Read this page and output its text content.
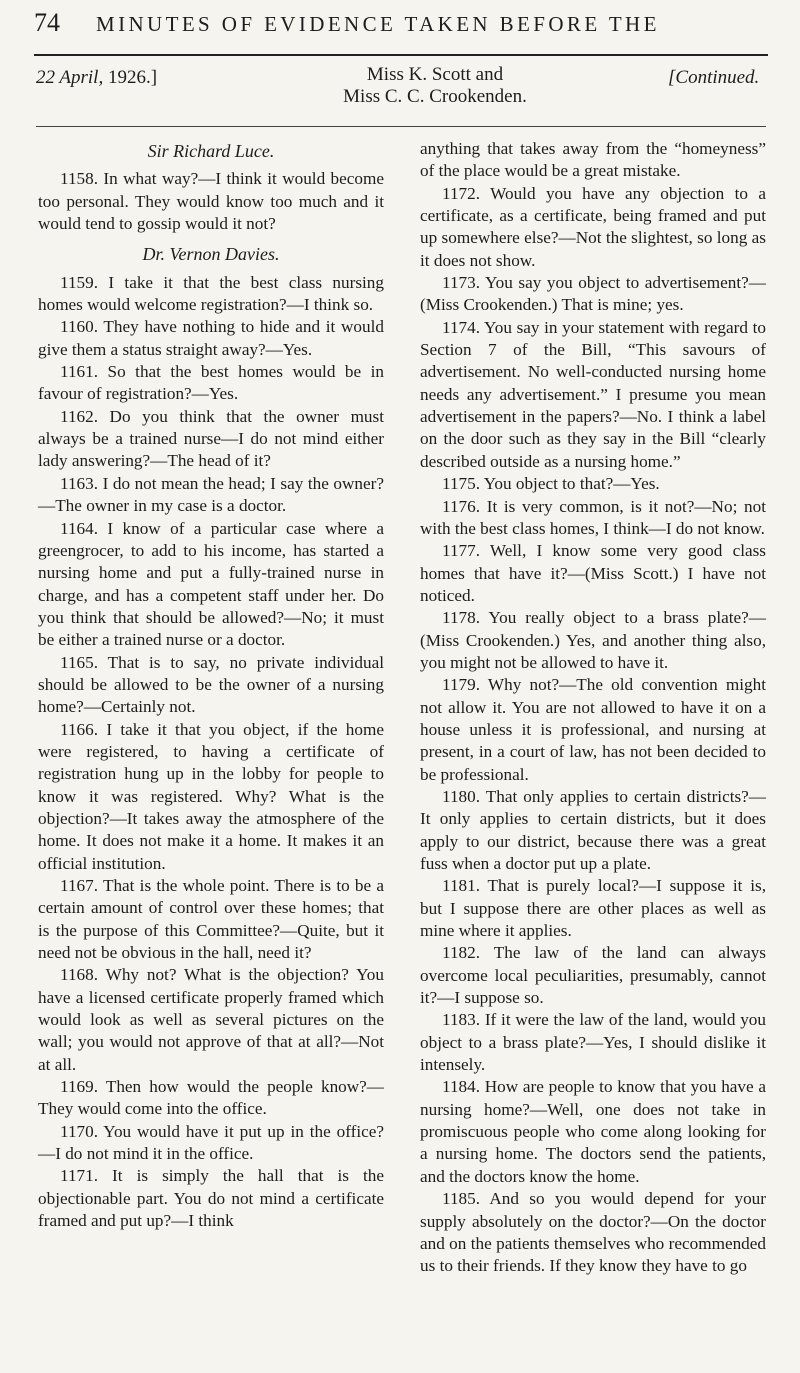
74 MINUTES OF EVIDENCE TAKEN BEFORE THE
22 April, 1926.]	Miss K. Scott and
Miss C. C. Crookenden.
[Continued.
Sir Richard Luce.

1158. In what way?—I think it would become too personal. They would know too much and it would tend to gossip would it not?

Dr. Vernon Davies.

1159. I take it that the best class nursing homes would welcome registration?—I think so.

1160. They have nothing to hide and it would give them a status straight away?—Yes.

1161. So that the best homes would be in favour of registration?—Yes.

1162. Do you think that the owner must always be a trained nurse—I do not mind either lady answering?—The head of it?

1163. I do not mean the head; I say the owner?—The owner in my case is a doctor.

1164. I know of a particular case where a greengrocer, to add to his income, has started a nursing home and put a fully-trained nurse in charge, and has a competent staff under her. Do you think that should be allowed?—No; it must be either a trained nurse or a doctor.

1165. That is to say, no private individual should be allowed to be the owner of a nursing home?—Certainly not.

1166. I take it that you object, if the home were registered, to having a certificate of registration hung up in the lobby for people to know it was registered. Why? What is the objection?—It takes away the atmosphere of the home. It does not make it a home. It makes it an official institution.

1167. That is the whole point. There is to be a certain amount of control over these homes; that is the purpose of this Committee?—Quite, but it need not be obvious in the hall, need it?

1168. Why not? What is the objection? You have a licensed certificate properly framed which would look as well as several pictures on the wall; you would not approve of that at all?—Not at all.

1169. Then how would the people know?—They would come into the office.

1170. You would have it put up in the office?—I do not mind it in the office.

1171. It is simply the hall that is the objectionable part. You do not mind a certificate framed and put up?—I think

anything that takes away from the “homeyness” of the place would be a great mistake.

1172. Would you have any objection to a certificate, as a certificate, being framed and put up somewhere else?—Not the slightest, so long as it does not show.

1173. You say you object to advertisement?—(Miss Crookenden.) That is mine; yes.

1174. You say in your statement with regard to Section 7 of the Bill, “This savours of advertisement. No well-conducted nursing home needs any advertisement.” I presume you mean advertisement in the papers?—No. I think a label on the door such as they say in the Bill “clearly described outside as a nursing home.”

1175. You object to that?—Yes.

1176. It is very common, is it not?—No; not with the best class homes, I think—I do not know.

1177. Well, I know some very good class homes that have it?—(Miss Scott.) I have not noticed.

1178. You really object to a brass plate?—(Miss Crookenden.) Yes, and another thing also, you might not be allowed to have it.

1179. Why not?—The old convention might not allow it. You are not allowed to have it on a house unless it is professional, and nursing at present, in a court of law, has not been decided to be professional.

1180. That only applies to certain districts?—It only applies to certain districts, but it does apply to our district, because there was a great fuss when a doctor put up a plate.

1181. That is purely local?—I suppose it is, but I suppose there are other places as well as mine where it applies.

1182. The law of the land can always overcome local peculiarities, presumably, cannot it?—I suppose so.

1183. If it were the law of the land, would you object to a brass plate?—Yes, I should dislike it intensely.

1184. How are people to know that you have a nursing home?—Well, one does not take in promiscuous people who come along looking for a nursing home. The doctors send the patients, and the doctors know the home.

1185. And so you would depend for your supply absolutely on the doctor?—On the doctor and on the patients themselves who recommended us to their friends. If they know they have to go
